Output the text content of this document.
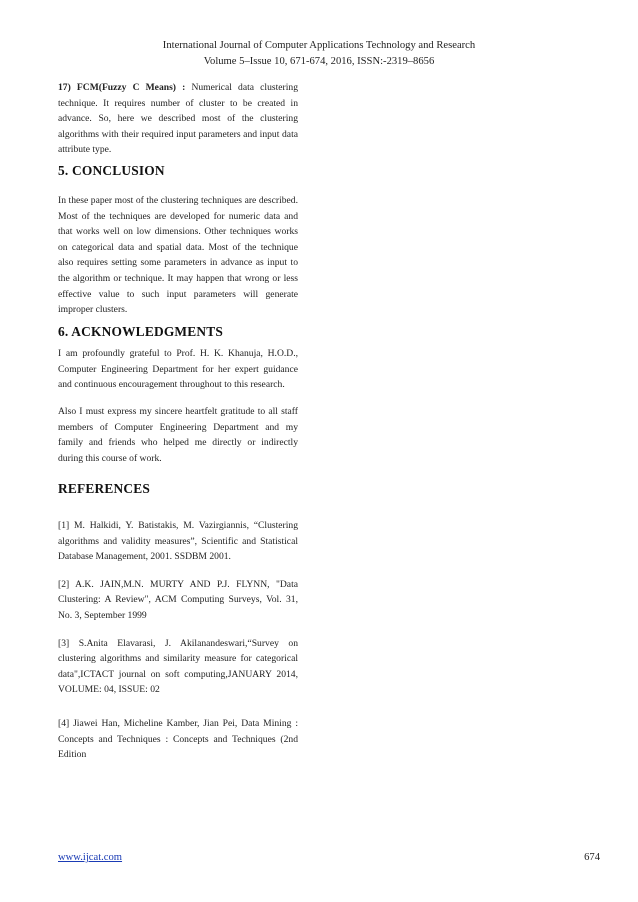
International Journal of Computer Applications Technology and Research
Volume 5–Issue 10, 671-674, 2016, ISSN:-2319–8656

17) FCM(Fuzzy C Means) : Numerical data clustering technique. It requires number of cluster to be created in advance. So, here we described most of the clustering algorithms with their required input parameters and input data attribute type.

5. CONCLUSION

In these paper most of the clustering techniques are described. Most of the techniques are developed for numeric data and that works well on low dimensions. Other techniques works on categorical data and spatial data. Most of the technique also requires setting some parameters in advance as input to the algorithm or technique. It may happen that wrong or less effective value to such input parameters will generate improper clusters.

6. ACKNOWLEDGMENTS

I am profoundly grateful to Prof. H. K. Khanuja, H.O.D., Computer Engineering Department for her expert guidance and continuous encouragement throughout to this research.

Also I must express my sincere heartfelt gratitude to all staff members of Computer Engineering Department and my family and friends who helped me directly or indirectly during this course of work.

REFERENCES

[1] M. Halkidi, Y. Batistakis, M. Vazirgiannis, “Clustering algorithms and validity measures”, Scientific and Statistical Database Management, 2001. SSDBM 2001.

[2] A.K. JAIN,M.N. MURTY AND P.J. FLYNN, "Data Clustering: A Review", ACM Computing Surveys, Vol. 31, No. 3, September 1999

[3] S.Anita Elavarasi, J. Akilanandeswari,“Survey on clustering algorithms and similarity measure for categorical data",ICTACT journal on soft computing,JANUARY 2014, VOLUME: 04, ISSUE: 02

[4] Jiawei Han, Micheline Kamber, Jian Pei, Data Mining : Concepts and Techniques : Concepts and Techniques (2nd Edition

www.ijcat.com	674
